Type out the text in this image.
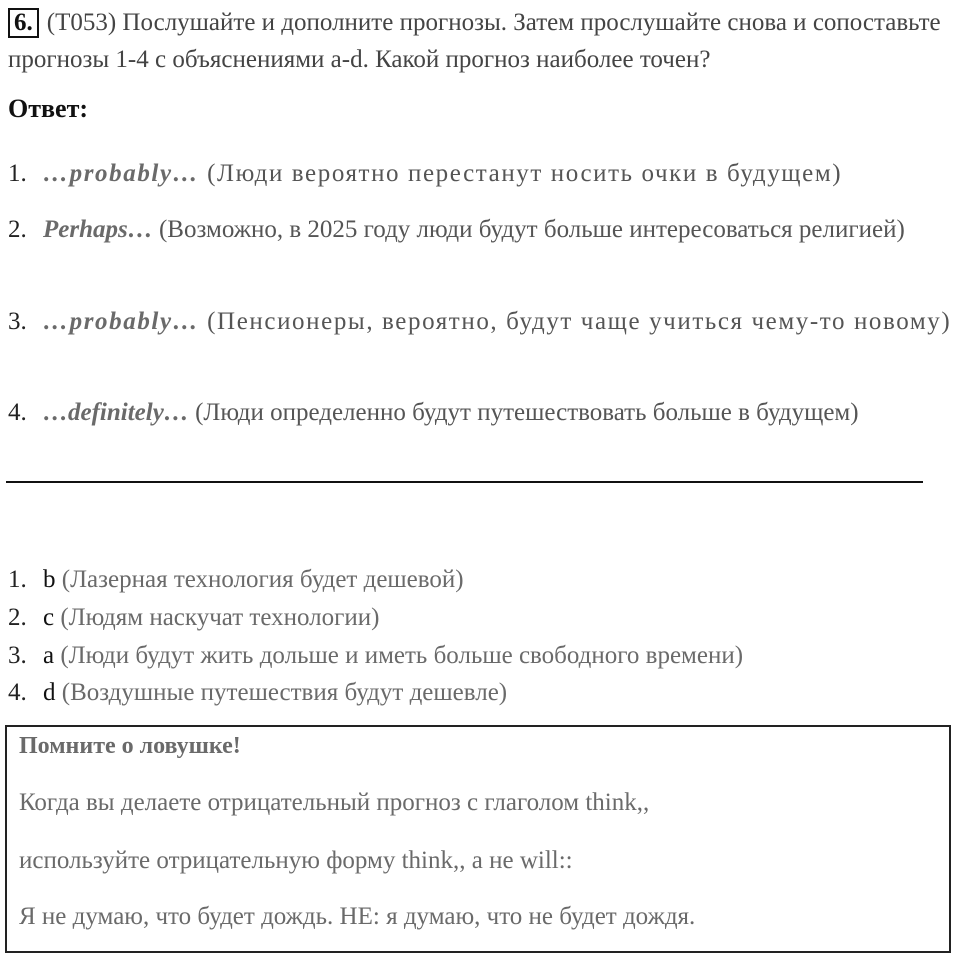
6. (T053) Послушайте и дополните прогнозы. Затем прослушайте снова и сопоставьте прогнозы 1-4 с объяснениями a-d. Какой прогноз наиболее точен?
Ответ:
1. …probably… (Люди вероятно перестанут носить очки в будущем)
2. Perhaps… (Возможно, в 2025 году люди будут больше интересоваться религией)
3. …probably… (Пенсионеры, вероятно, будут чаще учиться чему-то новому)
4. …definitely… (Люди определенно будут путешествовать больше в будущем)
1. b (Лазерная технология будет дешевой)
2. c (Людям наскучат технологии)
3. a (Люди будут жить дольше и иметь больше свободного времени)
4. d (Воздушные путешествия будут дешевле)
Помните о ловушке!
Когда вы делаете отрицательный прогноз с глаголом think,,
используйте отрицательную форму think,, а не will::
Я не думаю, что будет дождь. НЕ: я думаю, что не будет дождя.
